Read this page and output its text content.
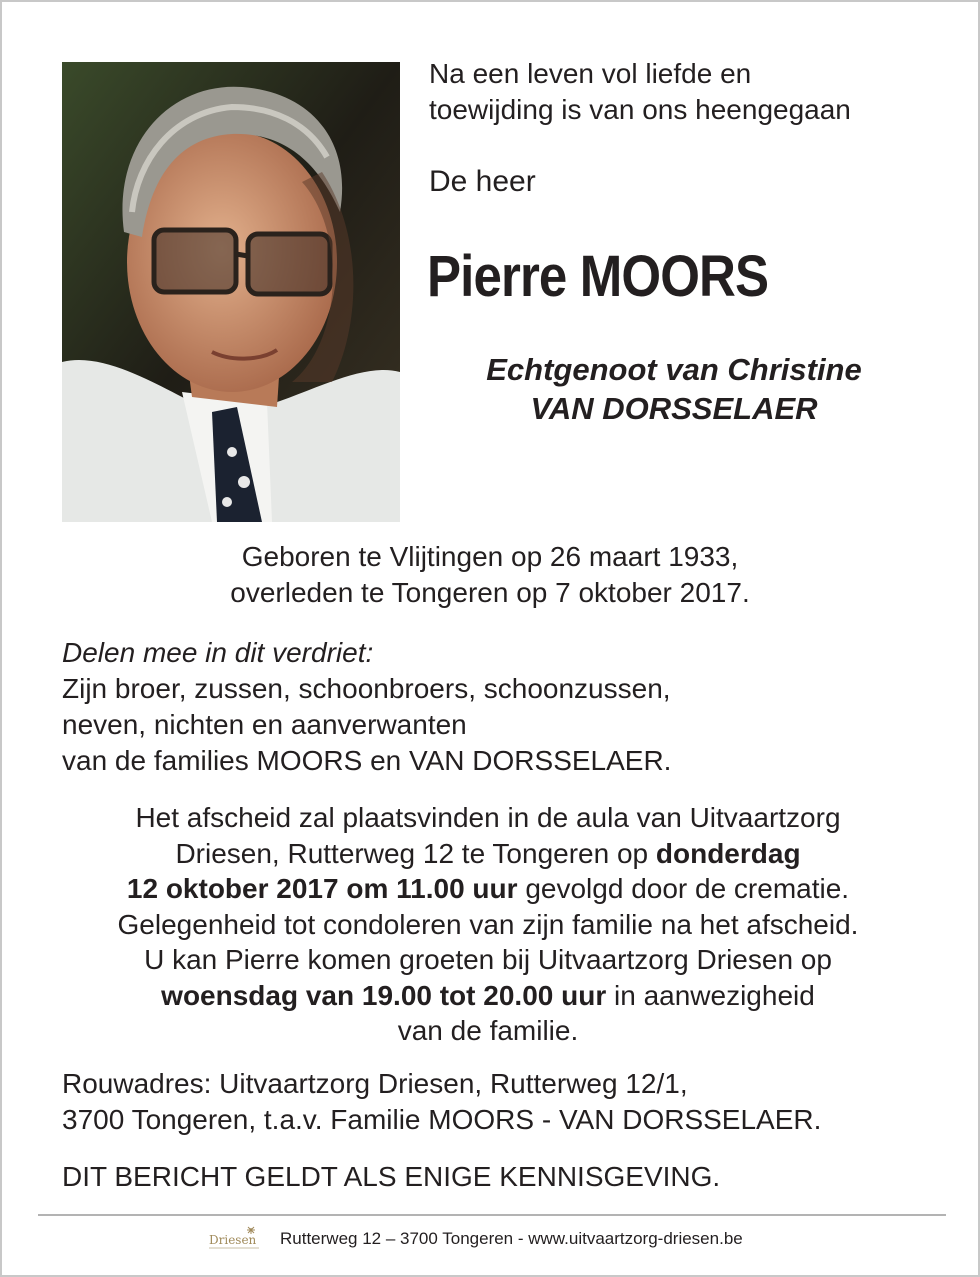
Na een leven vol liefde en
toewijding is van ons heengegaan
De heer
Pierre MOORS
Echtgenoot van Christine
VAN DORSSELAER
Geboren te Vlijtingen op 26 maart 1933,
overleden te Tongeren op 7 oktober 2017.
Delen mee in dit verdriet:
Zijn broer, zussen, schoonbroers, schoonzussen,
neven, nichten en aanverwanten
van de families MOORS en VAN DORSSELAER.
Het afscheid zal plaatsvinden in de aula van Uitvaartzorg
Driesen, Rutterweg 12 te Tongeren op donderdag
12 oktober 2017 om 11.00 uur gevolgd door de crematie.
Gelegenheid tot condoleren van zijn familie na het afscheid.
U kan Pierre komen groeten bij Uitvaartzorg Driesen op
woensdag van 19.00 tot 20.00 uur in aanwezigheid
van de familie.
Rouwadres: Uitvaartzorg Driesen, Rutterweg 12/1,
3700 Tongeren, t.a.v. Familie MOORS - VAN DORSSELAER.
DIT BERICHT GELDT ALS ENIGE KENNISGEVING.
Driesen Rutterweg 12 – 3700 Tongeren - www.uitvaartzorg-driesen.be
